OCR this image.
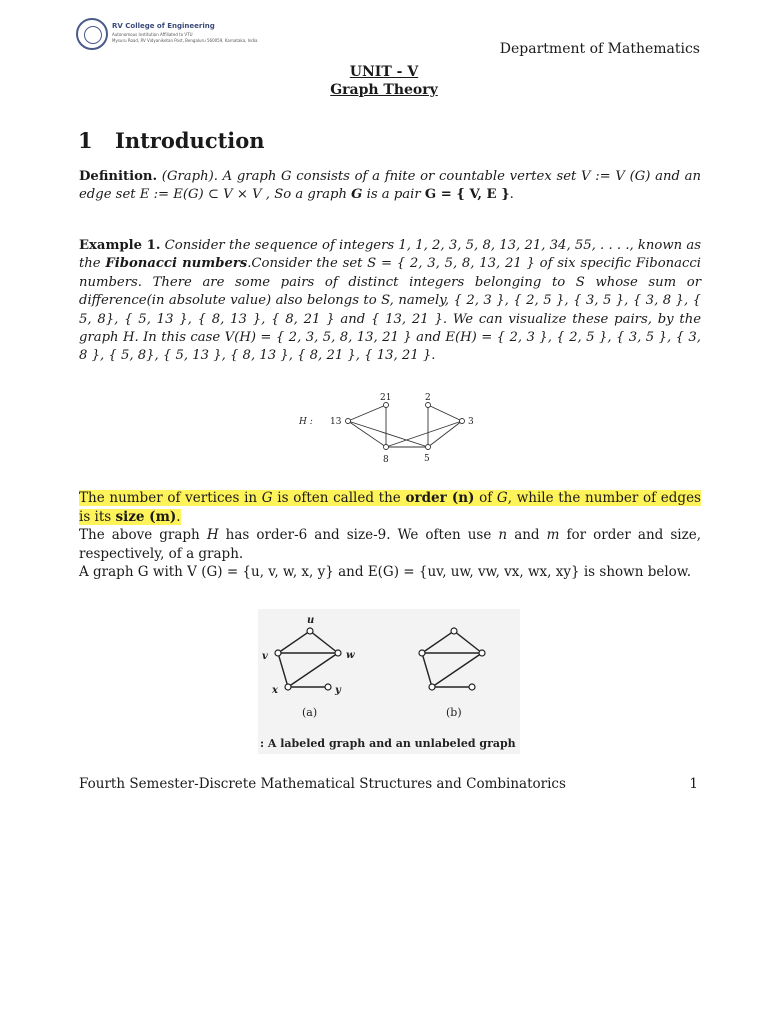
RV College of Engineering
Autonomous Institution Affiliated to VTU
Mysuru Road, RV Vidyaniketan Post, Bengaluru 560059, Karnataka, India
Department of Mathematics
UNIT - V
Graph Theory
1 Introduction
Definition. (Graph). A graph G consists of a fnite or countable vertex set V := V (G) and an edge set E := E(G) ⊂ V × V , So a graph G is a pair G = { V, E }.
Example 1. Consider the sequence of integers 1, 1, 2, 3, 5, 8, 13, 21, 34, 55, . . . ., known as the Fibonacci numbers.Consider the set S = { 2, 3, 5, 8, 13, 21 } of six specific Fibonacci numbers. There are some pairs of distinct integers belonging to S whose sum or difference(in absolute value) also belongs to S, namely, { 2, 3 }, { 2, 5 }, { 3, 5 }, { 3, 8 }, { 5, 8}, { 5, 13 }, { 8, 13 }, { 8, 21 } and { 13, 21 }. We can visualize these pairs, by the graph H. In this case V(H) = { 2, 3, 5, 8, 13, 21 } and E(H) = { 2, 3 }, { 2, 5 }, { 3, 5 }, { 3, 8 }, { 5, 8}, { 5, 13 }, { 8, 13 }, { 8, 21 }, { 13, 21 }.
H :
21	2
13	3
8	5
The number of vertices in G is often called the order (n) of G, while the number of edges is its size (m).
The above graph H has order-6 and size-9. We often use n and m for order and size, respectively, of a graph.
A graph G with V (G) = {u, v, w, x, y} and E(G) = {uv, uw, vw, vx, wx, xy} is shown below.
u
v	w
x	y
(a)	(b)
: A labeled graph and an unlabeled graph
Fourth Semester-Discrete Mathematical Structures and Combinatorics	1
